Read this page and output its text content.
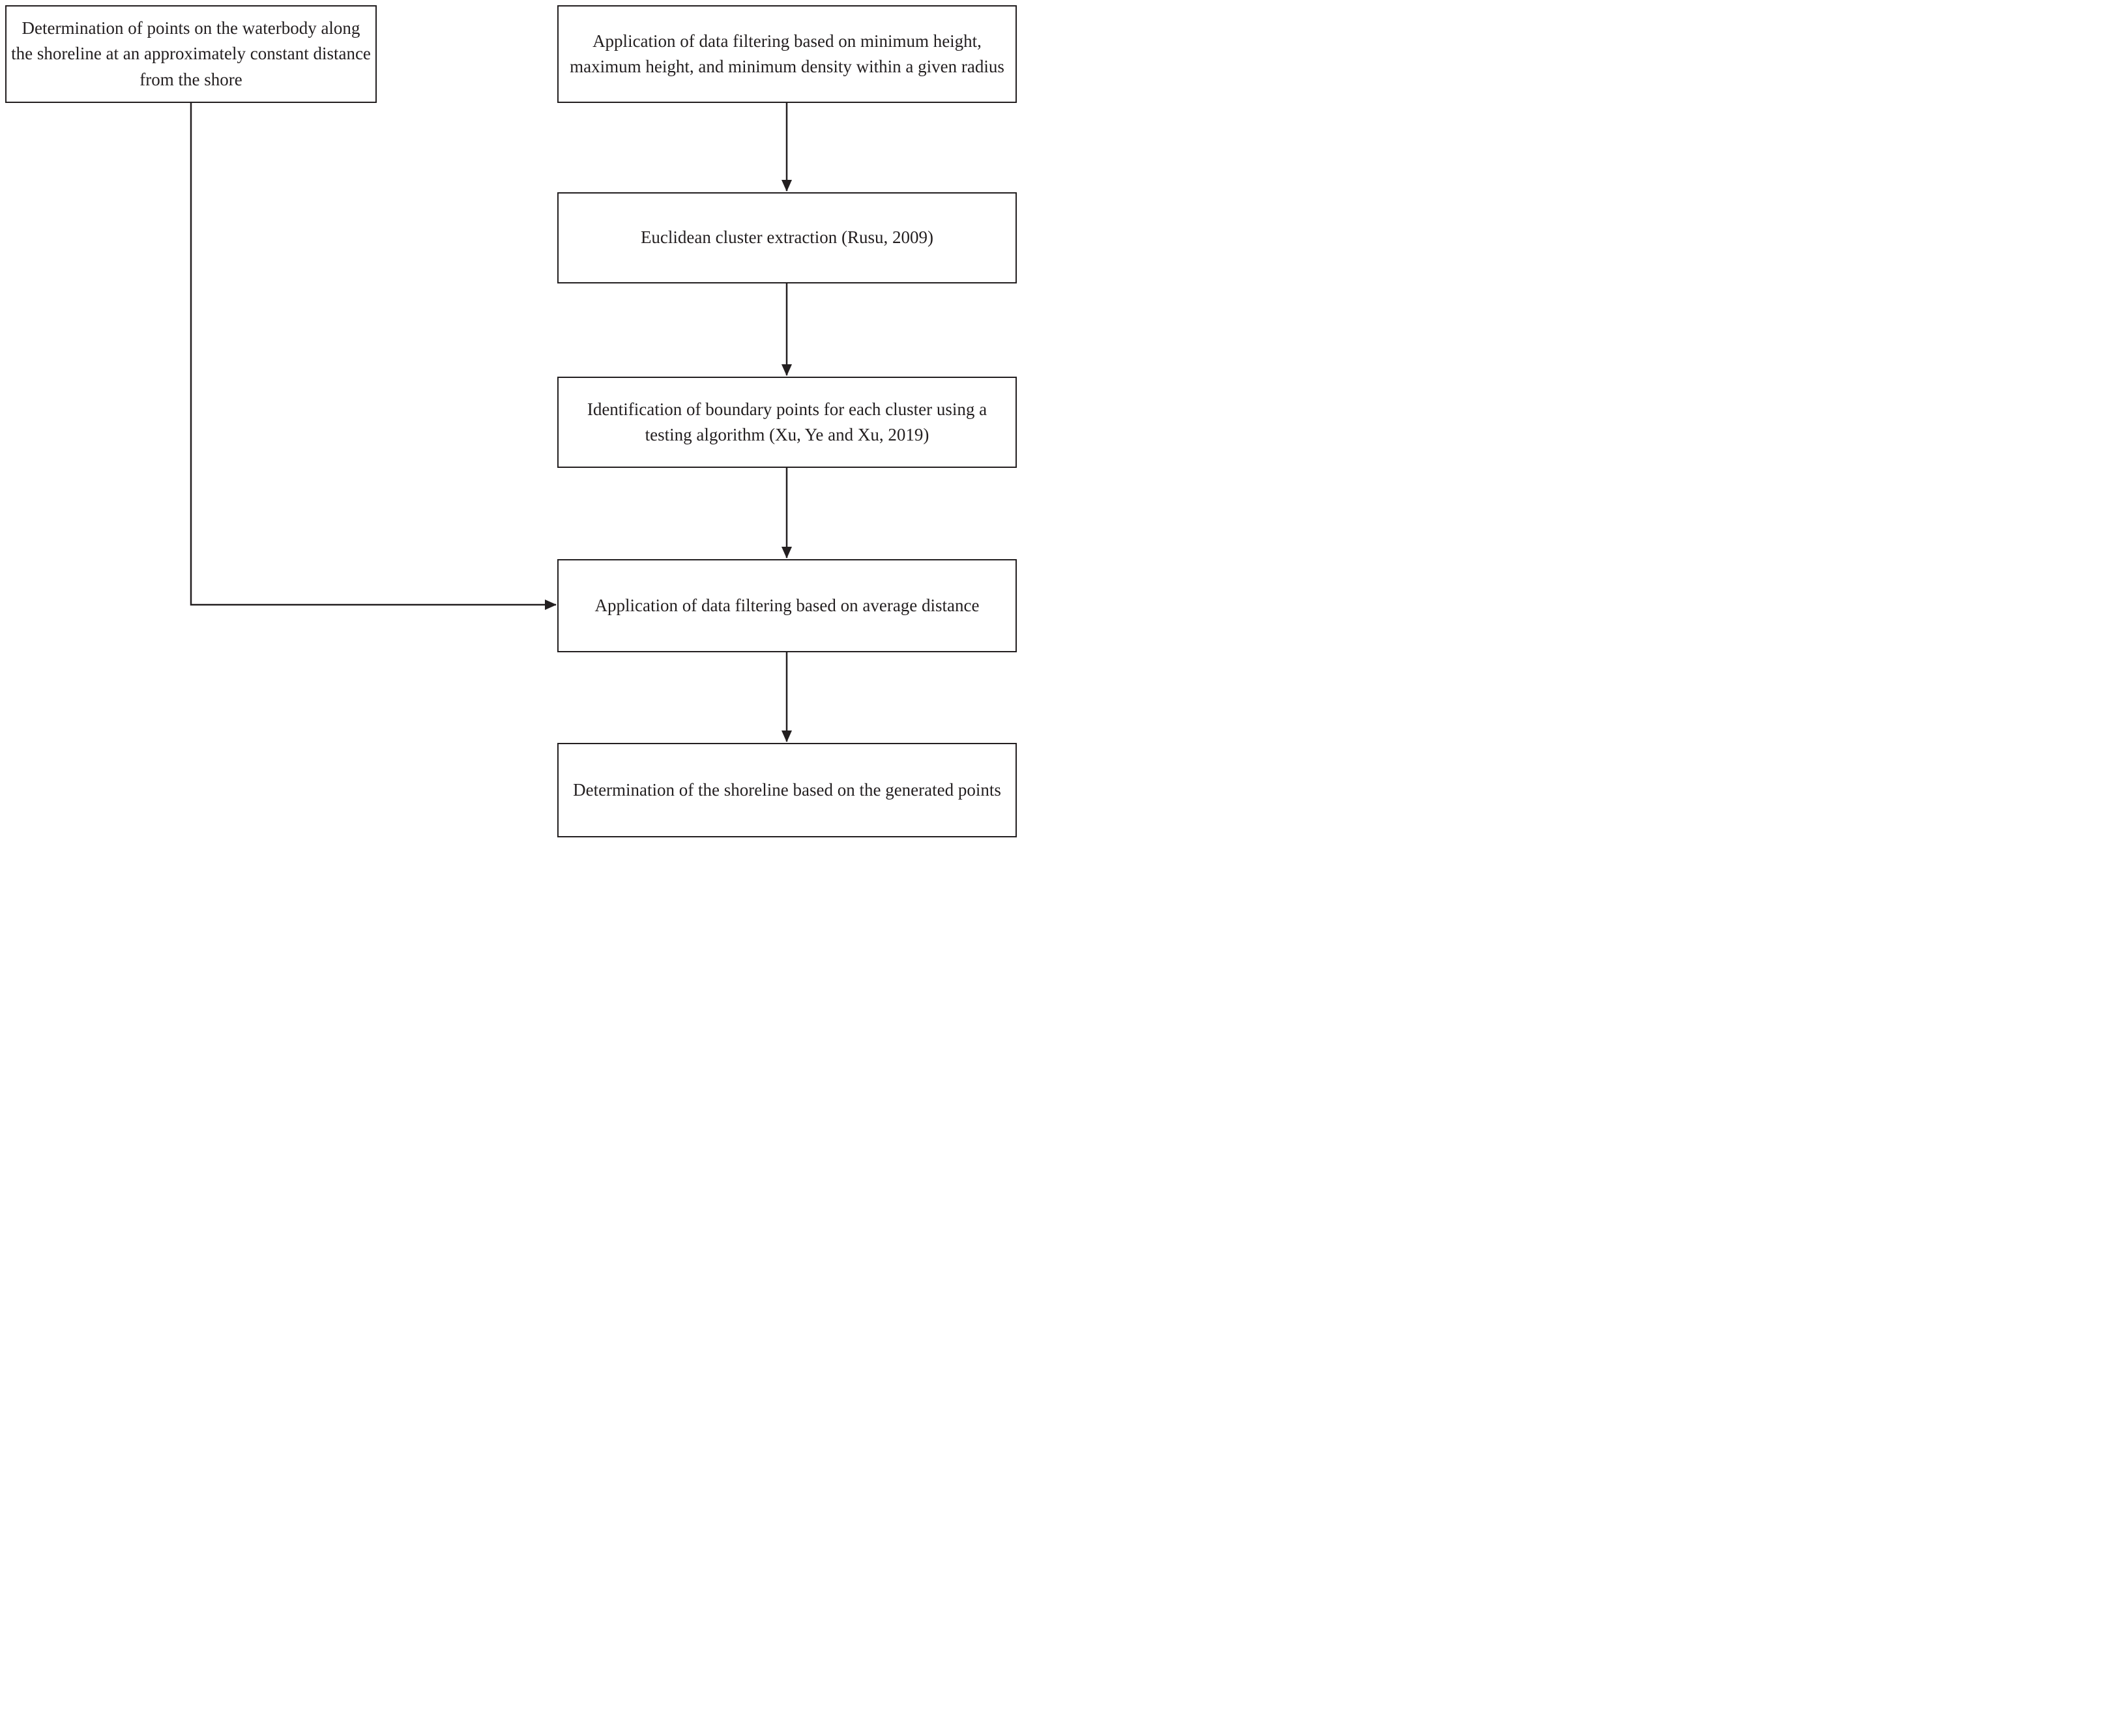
Determination of points on the waterbody along the shoreline at an approximately constant distance from the shore
Application of data filtering based on minimum height, maximum height, and minimum density within a given radius
Euclidean cluster extraction (Rusu, 2009)
Identification of boundary points for each cluster using a testing algorithm (Xu, Ye and Xu, 2019)
Application of data filtering based on average distance
Determination of the shoreline based on the generated points
